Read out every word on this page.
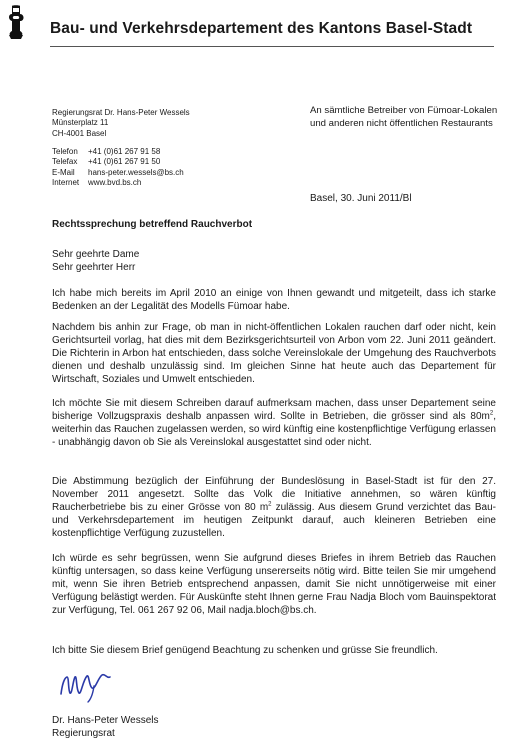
Bau- und Verkehrsdepartement des Kantons Basel-Stadt
Regierungsrat Dr. Hans-Peter Wessels
Münsterplatz 11
CH-4001 Basel
Telefon	+41 (0)61 267 91 58
Telefax	+41 (0)61 267 91 50
E-Mail	hans-peter.wessels@bs.ch
Internet	www.bvd.bs.ch
An sämtliche Betreiber von Fümoar-Lokalen und anderen nicht öffentlichen Restaurants
Basel, 30. Juni 2011/Bl
Rechtssprechung betreffend Rauchverbot
Sehr geehrte Dame
Sehr geehrter Herr
Ich habe mich bereits im April 2010 an einige von Ihnen gewandt und mitgeteilt, dass ich starke Bedenken an der Legalität des Modells Fümoar habe.
Nachdem bis anhin zur Frage, ob man in nicht-öffentlichen Lokalen rauchen darf oder nicht, kein Gerichtsurteil vorlag, hat dies mit dem Bezirksgerichtsurteil von Arbon vom 22. Juni 2011 geändert. Die Richterin in Arbon hat entschieden, dass solche Vereinslokale der Umgehung des Rauchverbots dienen und deshalb unzulässig sind. Im gleichen Sinne hat heute auch das Departement für Wirtschaft, Soziales und Umwelt entschieden.
Ich möchte Sie mit diesem Schreiben darauf aufmerksam machen, dass unser Departement seine bisherige Vollzugspraxis deshalb anpassen wird. Sollte in Betrieben, die grösser sind als $80m^2$, weiterhin das Rauchen zugelassen werden, so wird künftig eine kostenpflichtige Verfügung erlassen - unabhängig davon ob Sie als Vereinslokal ausgestattet sind oder nicht.
Die Abstimmung bezüglich der Einführung der Bundeslösung in Basel-Stadt ist für den 27. November 2011 angesetzt. Sollte das Volk die Initiative annehmen, so wären künftig Raucherbetriebe bis zu einer Grösse von 80 $m^2$ zulässig. Aus diesem Grund verzichtet das Bau- und Verkehrsdepartement im heutigen Zeitpunkt darauf, auch kleineren Betrieben eine kostenpflichtige Verfügung zuzustellen.
Ich würde es sehr begrüssen, wenn Sie aufgrund dieses Briefes in ihrem Betrieb das Rauchen künftig untersagen, so dass keine Verfügung unsererseits nötig wird. Bitte teilen Sie mir umgehend mit, wenn Sie ihren Betrieb entsprechend anpassen, damit Sie nicht unnötigerweise mit einer Verfügung belästigt werden. Für Auskünfte steht Ihnen gerne Frau Nadja Bloch vom Bauinspektorat zur Verfügung, Tel. 061 267 92 06, Mail nadja.bloch@bs.ch.
Ich bitte Sie diesem Brief genügend Beachtung zu schenken und grüsse Sie freundlich.
Dr. Hans-Peter Wessels
Regierungsrat
